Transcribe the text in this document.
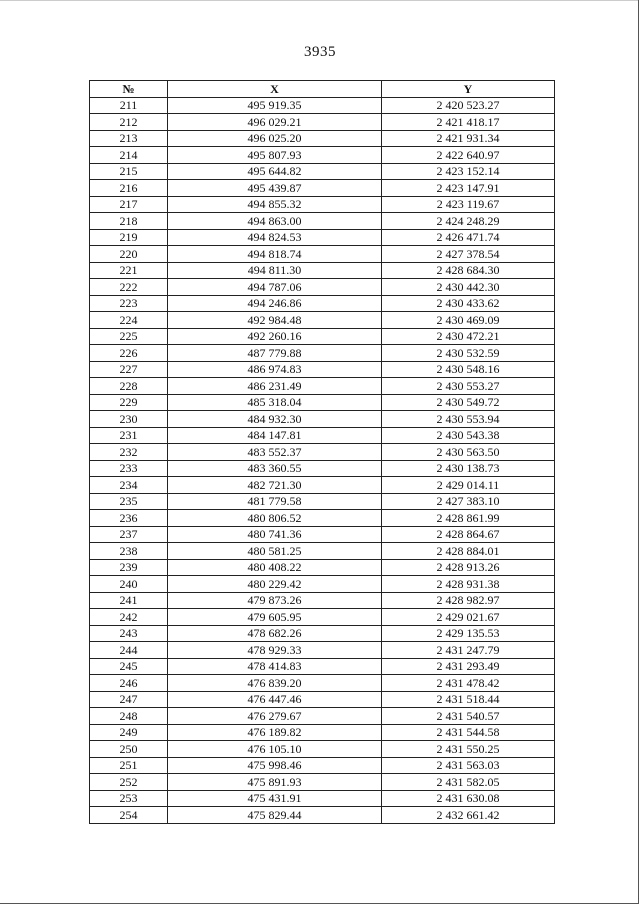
3935
№	X	Y
211	495 919.35	2 420 523.27
212	496 029.21	2 421 418.17
213	496 025.20	2 421 931.34
214	495 807.93	2 422 640.97
215	495 644.82	2 423 152.14
216	495 439.87	2 423 147.91
217	494 855.32	2 423 119.67
218	494 863.00	2 424 248.29
219	494 824.53	2 426 471.74
220	494 818.74	2 427 378.54
221	494 811.30	2 428 684.30
222	494 787.06	2 430 442.30
223	494 246.86	2 430 433.62
224	492 984.48	2 430 469.09
225	492 260.16	2 430 472.21
226	487 779.88	2 430 532.59
227	486 974.83	2 430 548.16
228	486 231.49	2 430 553.27
229	485 318.04	2 430 549.72
230	484 932.30	2 430 553.94
231	484 147.81	2 430 543.38
232	483 552.37	2 430 563.50
233	483 360.55	2 430 138.73
234	482 721.30	2 429 014.11
235	481 779.58	2 427 383.10
236	480 806.52	2 428 861.99
237	480 741.36	2 428 864.67
238	480 581.25	2 428 884.01
239	480 408.22	2 428 913.26
240	480 229.42	2 428 931.38
241	479 873.26	2 428 982.97
242	479 605.95	2 429 021.67
243	478 682.26	2 429 135.53
244	478 929.33	2 431 247.79
245	478 414.83	2 431 293.49
246	476 839.20	2 431 478.42
247	476 447.46	2 431 518.44
248	476 279.67	2 431 540.57
249	476 189.82	2 431 544.58
250	476 105.10	2 431 550.25
251	475 998.46	2 431 563.03
252	475 891.93	2 431 582.05
253	475 431.91	2 431 630.08
254	475 829.44	2 432 661.42
